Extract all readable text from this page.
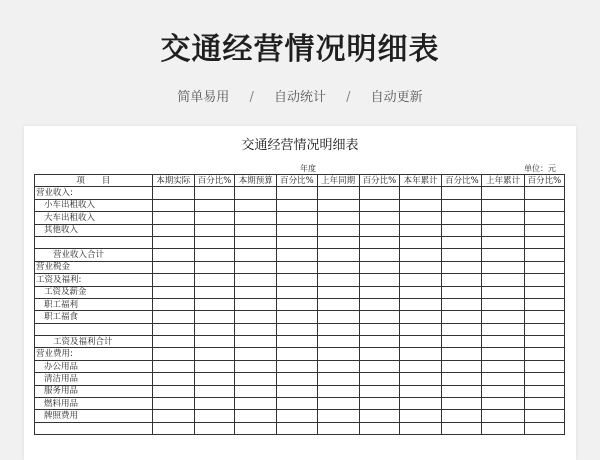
交通经营情况明细表
简单易用 / 自动统计 / 自动更新
交通经营情况明细表
年度	单位：元
项　　目	本期实际	百分比%	本期预算	百分比%	上年同期	百分比%	本年累计	百分比%	上年累计	百分比%
营业收入:										
小车出租收入										
大车出租收入										
其他收入										

营业收入合计										
营业税金										
工资及福利:										
工资及薪金										
职工福利										
职工福食										

工资及福利合计										
营业费用:										
办公用品										
清洁用品										
服务用品										
燃料用品										
牌照费用										
